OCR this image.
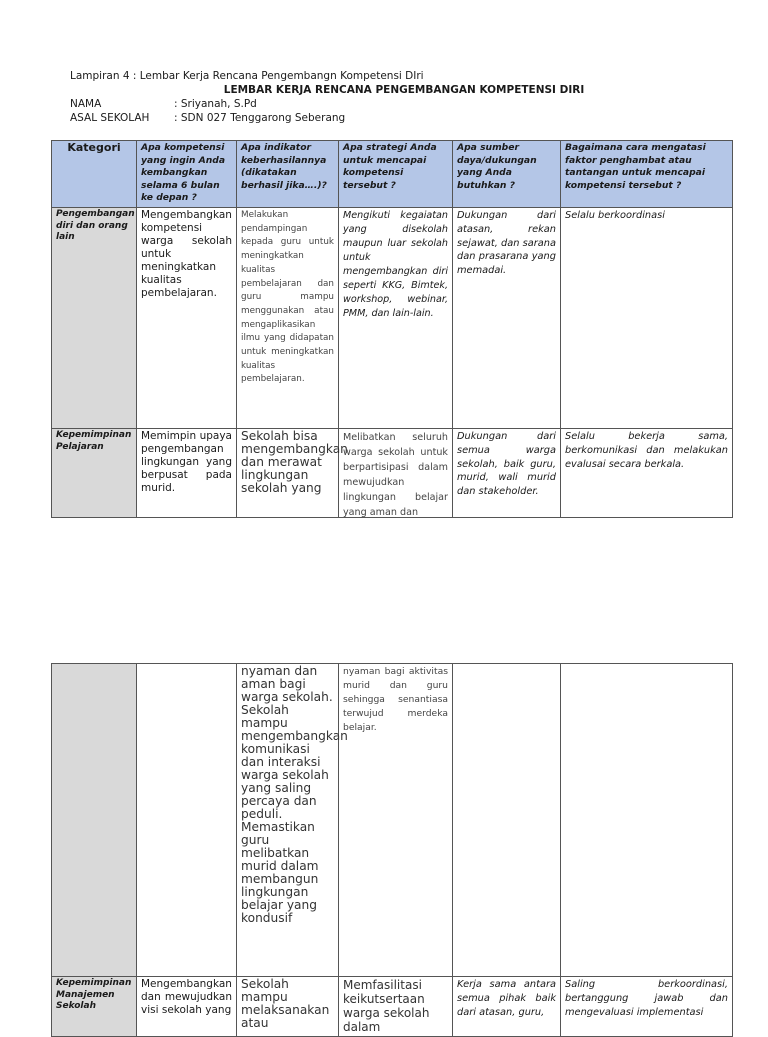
Lampiran 4 : Lembar Kerja Rencana Pengembangn Kompetensi DIri
LEMBAR KERJA RENCANA PENGEMBANGAN KOMPETENSI DIRI
NAMA	: Sriyanah, S.Pd
ASAL SEKOLAH : SDN 027 Tenggarong Seberang
Kategori	Apa kompetensi yang ingin Anda kembangkan selama 6 bulan ke depan ?	Apa indikator keberhasilannya (dikatakan berhasil jika….)?	Apa strategi Anda untuk mencapai kompetensi tersebut ?	Apa sumber daya/dukungan yang Anda butuhkan ?	Bagaimana cara mengatasi faktor penghambat atau tantangan untuk mencapai kompetensi tersebut ?
Pengembangan diri dan orang lain	Mengembangkan kompetensi warga sekolah untuk meningkatkan kualitas pembelajaran.	Melakukan pendampingan kepada guru untuk meningkatkan kualitas pembelajaran dan guru mampu menggunakan atau mengaplikasikan ilmu yang didapatan untuk meningkatkan kualitas pembelajaran.	Mengikuti kegaiatan yang disekolah maupun luar sekolah untuk mengembangkan diri seperti KKG, Bimtek, workshop, webinar, PMM, dan lain-lain.	Dukungan dari atasan, rekan sejawat, dan sarana dan prasarana yang memadai.	Selalu berkoordinasi
Kepemimpinan Pelajaran	Memimpin upaya pengembangan lingkungan yang berpusat pada murid.	Sekolah bisa mengembangkan dan merawat lingkungan sekolah yang	Melibatkan seluruh warga sekolah untuk berpartisipasi dalam mewujudkan lingkungan belajar yang aman dan	Dukungan dari semua warga sekolah, baik guru, murid, wali murid dan stakeholder.	Selalu bekerja sama, berkomunikasi dan melakukan evalusai secara berkala.
		nyaman dan aman bagi warga sekolah. Sekolah mampu mengembangkan komunikasi dan interaksi warga sekolah yang saling percaya dan peduli. Memastikan guru melibatkan murid dalam membangun lingkungan belajar yang kondusif	nyaman bagi aktivitas murid dan guru sehingga senantiasa terwujud merdeka belajar.		
Kepemimpinan Manajemen Sekolah	Mengembangkan dan mewujudkan visi sekolah yang	Sekolah mampu melaksanakan atau	Memfasilitasi keikutsertaan warga sekolah dalam	Kerja sama antara semua pihak baik dari atasan, guru,	Saling berkoordinasi, bertanggung jawab dan mengevaluasi implementasi
